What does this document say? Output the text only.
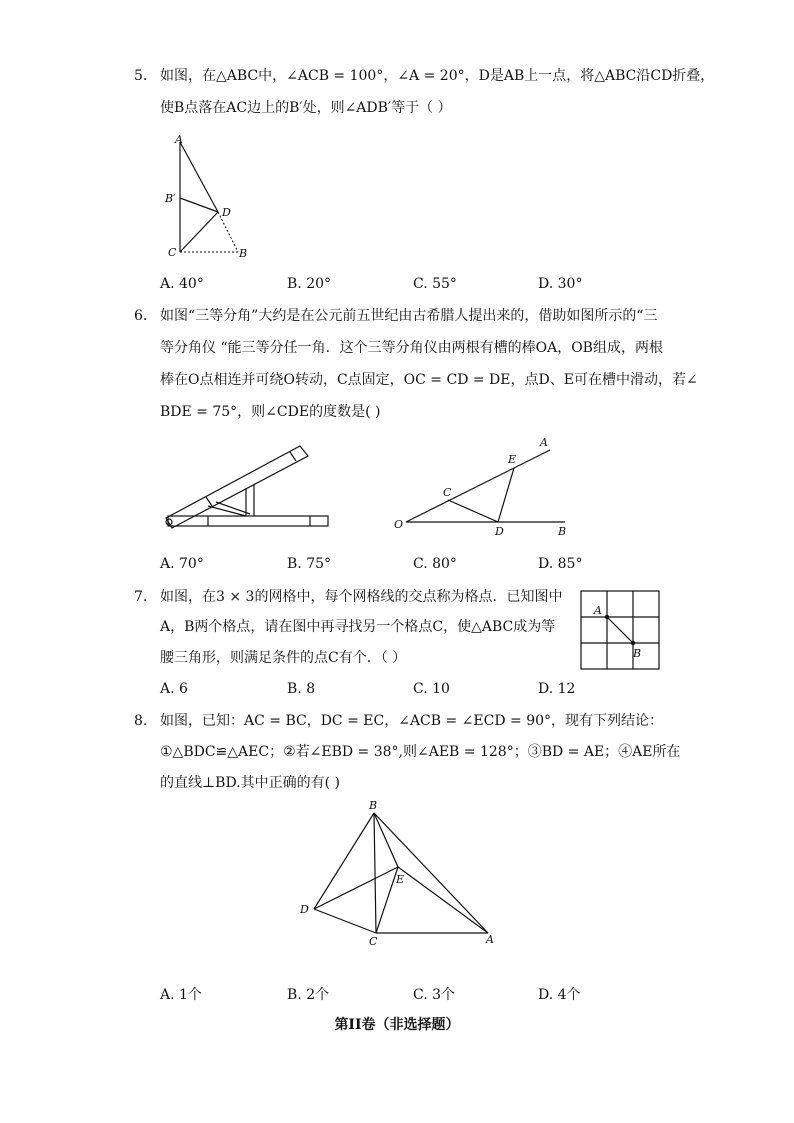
5. 如图，在△ABC中，∠ACB = 100°，∠A = 20°，D是AB上一点，将△ABC沿CD折叠，
使B点落在AC边上的B′处，则∠ADB′等于（ ）
A
B′
D
C	B
A. 40°	B. 20°	C. 55°	D. 30°
6. 如图“三等分角”大约是在公元前五世纪由古希腊人提出来的，借助如图所示的“三
等分角仪 “能三等分任一角．这个三等分角仪由两根有槽的棒OA，OB组成，两根
棒在O点相连并可绕O转动，C点固定，OC = CD = DE，点D、E可在槽中滑动，若∠
BDE = 75°，则∠CDE的度数是( )
A
E
C
O
D	B
A. 70°	B. 75°	C. 80°	D. 85°
7. 如图，在3 × 3的网格中，每个网格线的交点称为格点．已知图中
A，B两个格点，请在图中再寻找另一个格点C，使△ABC成为等
腰三角形，则满足条件的点C有个．（ ）
A
B
A. 6	B. 8	C. 10	D. 12
8. 如图，已知：AC = BC，DC = EC，∠ACB = ∠ECD = 90°，现有下列结论：
①△BDC≌△AEC；②若∠EBD = 38°,则∠AEB = 128°；③BD = AE；④AE所在
的直线⊥BD.其中正确的有( )
B
E
D
C	A
A. 1个	B. 2个	C. 3个	D. 4个
第II卷（非选择题）
